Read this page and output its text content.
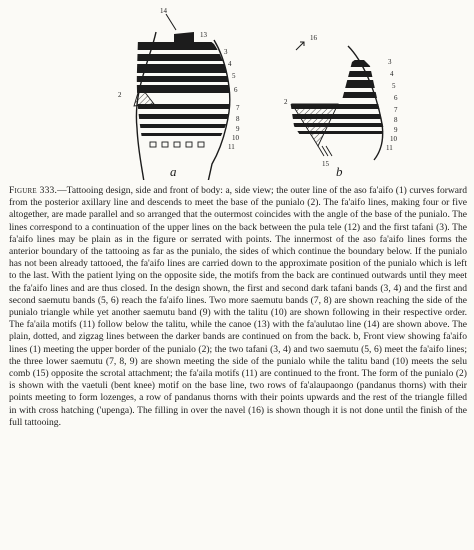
14
13
12
3
4
5
6
2
7
8
9
10
11
a
16
3
4
5
6
2
7
8
9
10
11
15 b

Figure 333.—Tattooing design, side and front of body: a, side view; the outer line of the aso fa'aifo (1) curves forward from the posterior axillary line and descends to meet the base of the punialo (2). The fa'aifo lines, making four or five altogether, are made parallel and so arranged that the outermost coincides with the angle of the base of the punialo. The lines correspond to a continuation of the upper lines on the back between the pula tele (12) and the first tafani (3). The fa'aifo lines may be plain as in the figure or serrated with points. The innermost of the aso fa'aifo lines forms the anterior boundary of the tattooing as far as the punialo, the sides of which continue the boundary below. If the punialo has not been already tattooed, the fa'aifo lines are carried down to the approximate position of the punialo which is left to the last. With the patient lying on the opposite side, the motifs from the back are continued outwards until they meet the fa'aifo lines and are thus closed. In the design shown, the first and second dark tafani bands (3, 4) and the first and second saemutu bands (5, 6) reach the fa'aifo lines. Two more saemutu bands (7, 8) are shown reaching the side of the punialo triangle while yet another saemutu band (9) with the talitu (10) are shown following in their respective order. The fa'aila motifs (11) follow below the talitu, while the canoe (13) with the fa'aulutao line (14) are shown above. The plain, dotted, and zigzag lines between the darker bands are continued on from the back. b, Front view showing fa'aifo lines (1) meeting the upper border of the punialo (2); the two tafani (3, 4) and two saemutu (5, 6) meet the fa'aifo lines; the three lower saemutu (7, 8, 9) are shown meeting the side of the punialo while the talitu band (10) meets the selu comb (15) opposite the scrotal attachment; the fa'aila motifs (11) are continued to the front. The form of the punialo (2) is shown with the vaetuli (bent knee) motif on the base line, two rows of fa'alaupaongo (pandanus thorns) with their points meeting to form lozenges, a row of pandanus thorns with their points upwards and the rest of the triangle filled in with cross hatching ('upenga). The filling in over the navel (16) is shown though it is not done until the finish of the full tattooing.
